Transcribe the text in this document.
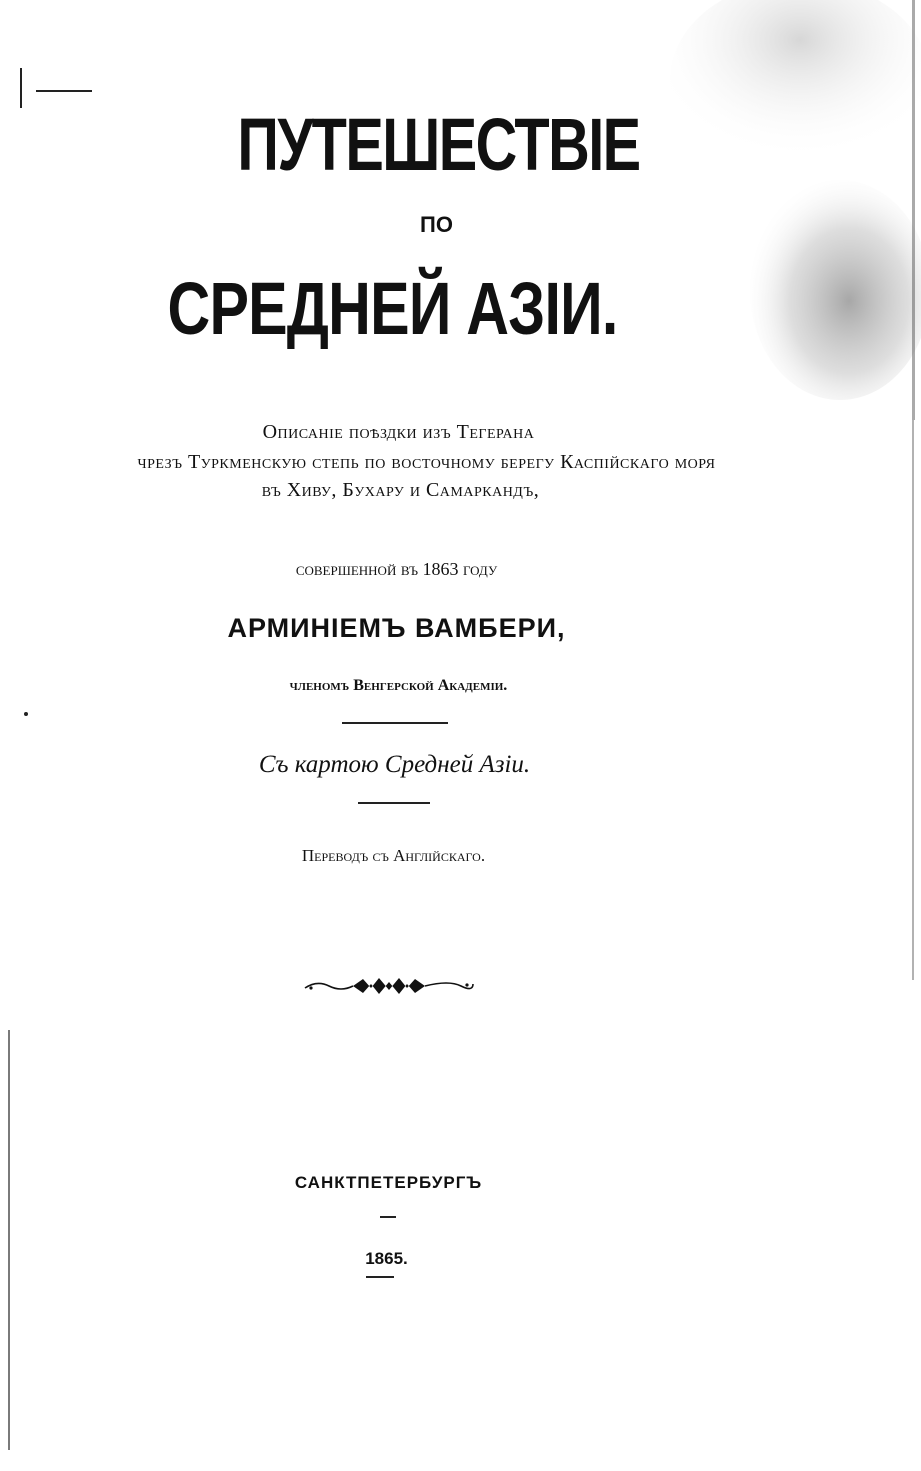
ПУТЕШЕСТВІЕ
ПО
СРЕДНЕЙ АЗІИ.
Описаніе поѣздки изъ Тегерана
чрезъ Туркменскую степь по восточному берегу Каспійскаго моря
въ Хиву, Бухару и Самаркандъ,
совершенной въ 1863 году
АРМИНІЕМЪ ВАМБЕРИ,
членомъ Венгерской Академіи.
Съ картою Средней Азіи.
Переводъ съ Англійскаго.
САНКТПЕТЕРБУРГЪ
1865.
